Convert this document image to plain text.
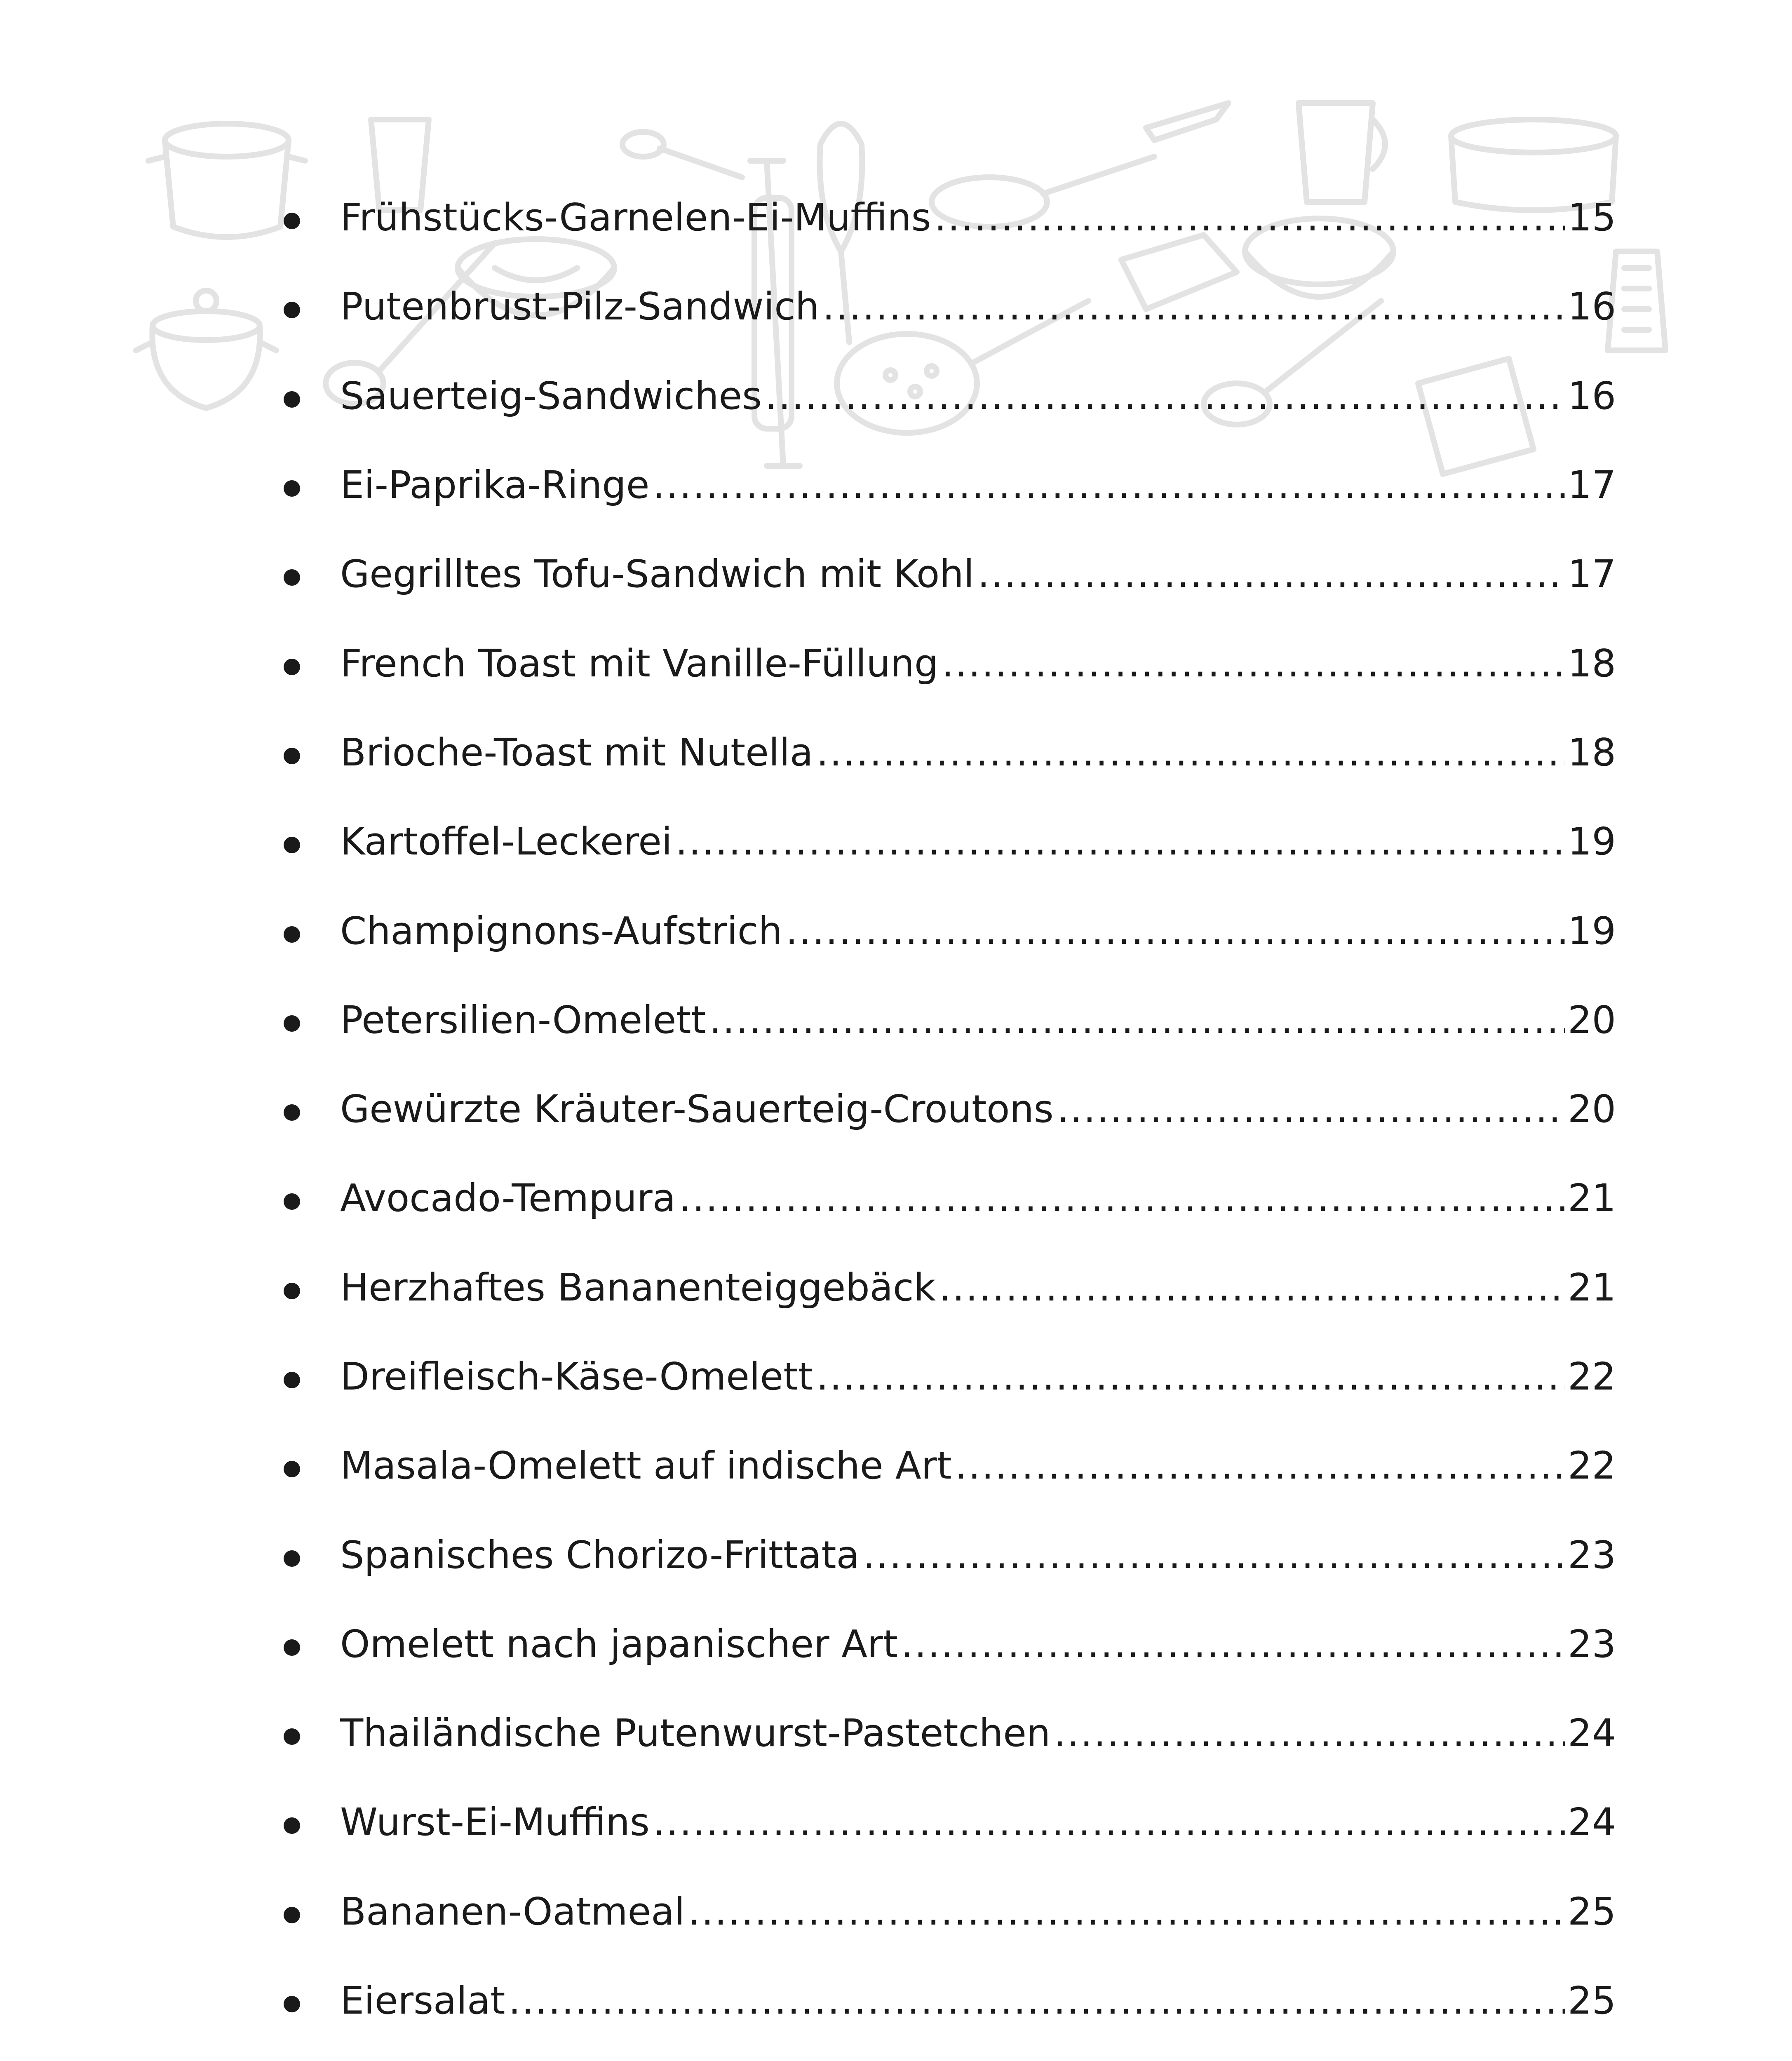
Frühstücks-Garnelen-Ei-Muffins .....	15
Putenbrust-Pilz-Sandwich .....	16
Sauerteig-Sandwiches .....	16
Ei-Paprika-Ringe .....	17
Gegrilltes Tofu-Sandwich mit Kohl .....	17
French Toast mit Vanille-Füllung .....	18
Brioche-Toast mit Nutella .....	18
Kartoffel-Leckerei .....	19
Champignons-Aufstrich .....	19
Petersilien-Omelett .....	20
Gewürzte Kräuter-Sauerteig-Croutons .....	20
Avocado-Tempura .....	21
Herzhaftes Bananenteiggebäck .....	21
Dreifleisch-Käse-Omelett .....	22
Masala-Omelett auf indische Art .....	22
Spanisches Chorizo-Frittata .....	23
Omelett nach japanischer Art .....	23
Thailändische Putenwurst-Pastetchen .....	24
Wurst-Ei-Muffins .....	24
Bananen-Oatmeal .....	25
Eiersalat .....	25
